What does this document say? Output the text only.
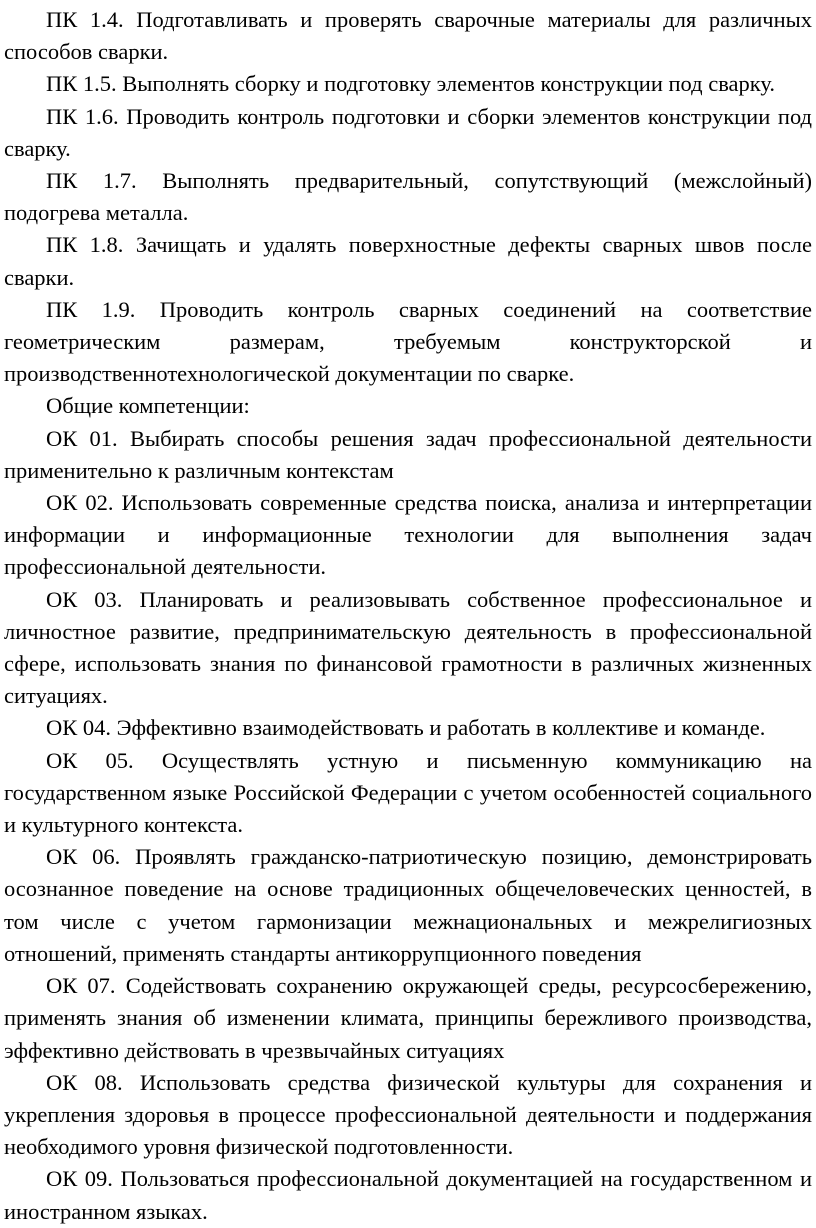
ПК 1.4. Подготавливать и проверять сварочные материалы для различных способов сварки.

ПК 1.5. Выполнять сборку и подготовку элементов конструкции под сварку.

ПК 1.6. Проводить контроль подготовки и сборки элементов конструкции под сварку.

ПК 1.7. Выполнять предварительный, сопутствующий (межслойный) подогрева металла.

ПК 1.8. Зачищать и удалять поверхностные дефекты сварных швов после сварки.

ПК 1.9. Проводить контроль сварных соединений на соответствие геометрическим размерам, требуемым конструкторской и производственнотехнологической документации по сварке.

Общие компетенции:

ОК 01. Выбирать способы решения задач профессиональной деятельности применительно к различным контекстам

ОК 02. Использовать современные средства поиска, анализа и интерпретации информации и информационные технологии для выполнения задач профессиональной деятельности.

ОК 03. Планировать и реализовывать собственное профессиональное и личностное развитие, предпринимательскую деятельность в профессиональной сфере, использовать знания по финансовой грамотности в различных жизненных ситуациях.

ОК 04. Эффективно взаимодействовать и работать в коллективе и команде.

ОК 05. Осуществлять устную и письменную коммуникацию на государственном языке Российской Федерации с учетом особенностей социального и культурного контекста.

ОК 06. Проявлять гражданско-патриотическую позицию, демонстрировать осознанное поведение на основе традиционных общечеловеческих ценностей, в том числе с учетом гармонизации межнациональных и межрелигиозных отношений, применять стандарты антикоррупционного поведения

ОК 07. Содействовать сохранению окружающей среды, ресурсосбережению, применять знания об изменении климата, принципы бережливого производства, эффективно действовать в чрезвычайных ситуациях

ОК 08. Использовать средства физической культуры для сохранения и укрепления здоровья в процессе профессиональной деятельности и поддержания необходимого уровня физической подготовленности.

ОК 09. Пользоваться профессиональной документацией на государственном и иностранном языках.
